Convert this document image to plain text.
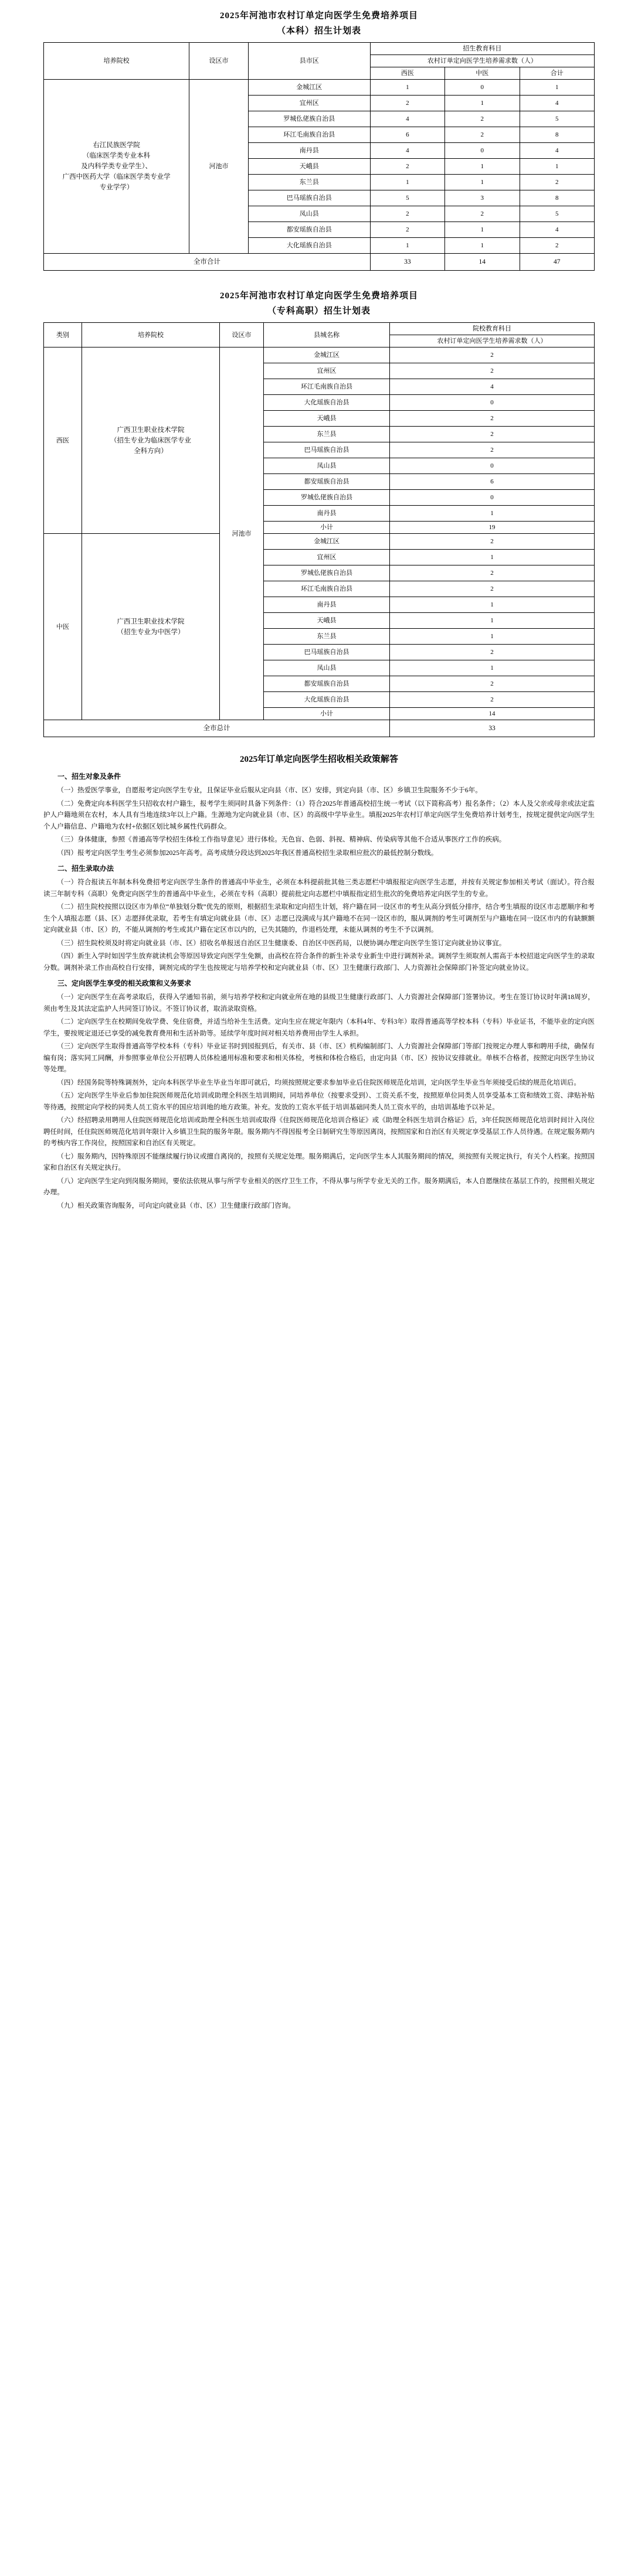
2025年河池市农村订单定向医学生免费培养项目
（本科）招生计划表
培养院校	设区市	县市区	招生教育科目		
			农村订单定向医学生培养需求数（人）		
			西医	中医	合计
右江民族医学院
（临床医学类专业本科
及内科学类专业学生）、
广西中医药大学（临床医学类专业学
专业学学）	河池市	金城江区	1	0	1
		宜州区	2	1	4
		罗城仫佬族自治县	4	2	5
		环江毛南族自治县	6	2	8
		南丹县	4	0	4
		天峨县	2	1	1
		东兰县	1	1	2
		巴马瑶族自治县	5	3	8
		凤山县	2	2	5
		都安瑶族自治县	2	1	4
		大化瑶族自治县	1	1	2
全市合计			33	14	47
2025年河池市农村订单定向医学生免费培养项目
（专科高职）招生计划表
类别	培养院校	设区市	县城名称	院校教育科目
				农村订单定向医学生培养需求数（人）
西医	广西卫生职业技术学院
（招生专业为临床医学专业
全科方向）	河池市	金城江区	2
			宜州区	2
			环江毛南族自治县	4
			大化瑶族自治县	0
			天峨县	2
			东兰县	2
			巴马瑶族自治县	2
			凤山县	0
			都安瑶族自治县	6
			罗城仫佬族自治县	0
			南丹县	1
			小计	19
中医	广西卫生职业技术学院
（招生专业为中医学）		金城江区	2
			宜州区	1
			罗城仫佬族自治县	2
			环江毛南族自治县	2
			南丹县	1
			天峨县	1
			东兰县	1
			巴马瑶族自治县	2
			凤山县	1
			都安瑶族自治县	2
			大化瑶族自治县	2
			小计	14
全市总计				33
2025年订单定向医学生招收相关政策解答

一、招生对象及条件

（一）热爱医学事业，自愿报考定向医学生专业，且保证毕业后服从定向县（市、区）安排，到定向县（市、区）乡镇卫生院服务不少于6年。

（二）免费定向本科医学生只招收农村户籍生，报考学生须同时具备下列条件：（1）符合2025年普通高校招生统一考试（以下简称高考）报名条件；（2）本人及父亲或母亲或法定监护人户籍地须在农村，本人具有当地连续3年以上户籍。生源地为定向就业县（市、区）的高级中学毕业生。填报2025年农村订单定向医学生免费培养计划考生，按规定提供定向医学生个人户籍信息、户籍地为农村+依据区划比城乡属性代码群众。

（三）身体健康，参照《普通高等学校招生体检工作指导意见》进行体检。无色盲、色弱、斜视、精神病、传染病等其他不合适从事医疗工作的疾病。

（四）报考定向医学生考生必须参加2025年高考。高考成绩分段达到2025年我区普通高校招生录取相应批次的最低控制分数线。

二、招生录取办法

（一）符合报读五年制本科免费招考定向医学生条件的普通高中毕业生，必须在本科提前批其他三类志愿栏中填报报定向医学生志愿，并按有关规定参加相关考试（面试）。符合报读三年制专科（高职）免费定向医学生的普通高中毕业生，必须在专科（高职）提前批定向志愿栏中填报指定招生批次的免费培养定向医学生的专业。

（二）招生院校按照以设区市为单位“单独划分数”优先的原则，根据招生录取和定向招生计划，将户籍在同一设区市的考生从高分到低分排序，结合考生填报的设区市志愿顺序和考生个人填报志愿（县、区）志愿择优录取，若考生有填定向就业县（市、区）志愿已没满成与其户籍地不在同一设区市的，服从调剂的考生可调剂至与户籍地在同一设区市内的有缺额额定向就业县（市、区）的，不能从调剂的考生或其户籍在定区市以内的，已失其随的，作退档处理，未能从调剂的考生不予以调剂。

（三）招生院校须及时将定向就业县（市、区）招收名单报送自治区卫生健康委、自治区中医药局，以便协调办理定向医学生签订定向就业协议事宜。

（四）新生入学时如因学生放弃就读机会等原因导致定向医学生免额，由高校在符合条件的新生补录专业新生中进行调剂补录。调剂学生须取剂人需高于本校招退定向医学生的录取分数。调剂补录工作由高校自行安排，调剂完成的学生也按规定与培养学校和定向就业县（市、区）卫生健康行政部门、人力资源社会保障部门补签定向就业协议。

三、定向医学生享受的相关政策和义务要求

（一）定向医学生在高考录取后，获得入学通知书前，须与培养学校和定向就业所在地的县级卫生健康行政部门、人力资源社会保障部门签署协议。考生在签订协议时年满18周岁，须由考生及其法定监护人共同签订协议。不签订协议者，取消录取资格。

（二）定向医学生在校期间免收学费、免住宿费，并适当给补生生活费。定向生应在规定年限内（本科4年、专科3年）取得普通高等学校本科（专科）毕业证书，不能毕业的定向医学生，要按规定退还已享受的减免教育费用和生活补助等。延续学年度时间对相关培养费用由学生人承担。

（三）定向医学生取得普通高等学校本科（专科）毕业证书时到园报到后，有关市、县（市、区）机构编制部门、人力资源社会保障部门等部门按规定办理人事和聘用手续，确保有编有岗；落实同工同酬，并参照事业单位公开招聘人员体检通用标准和要求和相关体检，考核和体检合格后，由定向县（市、区）按协议安排就业。单核不合格者，按照定向医学生协议等处理。

（四）经国务院等特殊调剂外，定向本科医学毕业生毕业当年即可就后，均须按照规定要求参加毕业后住院医师规范化培训，定向医学生毕业当年须接受后续的规范化培训后。

（五）定向医学生毕业后参加住院医师规范化培训或助理全科医生培训期间，同培养单位（按要求受到）、工资关系不变，按照原单位同类人员享受基本工资和绩效工资、津贴补贴等待遇，按照定向学校的同类人员工资水平的国应培训地的地方政策。补充。发放的工资水平低于培训基础同类人员工资水平的，由培训基地予以补足。

（六）经招聘录用聘用人住院医师规范化培训或助理全科医生培训或取得《住院医师规范化培训合格证》或《助理全科医生培训合格证》后，3年任院医师规范化培训时间计入岗位聘任时间，任住院医师规范化培训年限计入乡镇卫生院的服务年限。服务期内不得因报考全日制研究生等原因离岗，按照国家和自治区有关规定享受基层工作人员待遇。在规定服务期内的考核内容工作岗位，按照国家和自治区有关规定。

（七）服务期内，因特殊原因不能继续履行协议或擅自离岗的，按照有关规定处理。服务期满后，定向医学生本人其服务期间的情况，须按照有关规定执行，有关个人档案。按照国家和自治区有关规定执行。

（八）定向医学生定向到岗服务期间，要依法依规从事与所学专业相关的医疗卫生工作，不得从事与所学专业无关的工作。服务期满后，本人自愿继续在基层工作的，按照相关规定办理。

（九）相关政策咨询服务，可向定向就业县（市、区）卫生健康行政部门咨询。
